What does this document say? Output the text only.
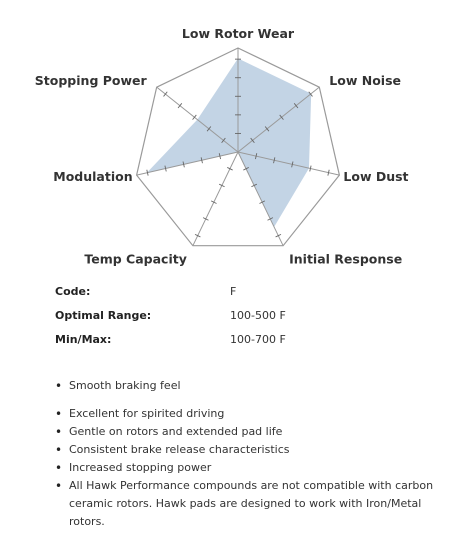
Low Rotor Wear
Low Noise
Low Dust
Initial Response
Temp Capacity
Modulation
Stopping Power
Code:	F
Optimal Range:	100-500 F
Min/Max:	100-700 F
• Smooth braking feel
• Excellent for spirited driving
• Gentle on rotors and extended pad life
• Consistent brake release characteristics
• Increased stopping power
• All Hawk Performance compounds are not compatible with carbon ceramic rotors. Hawk pads are designed to work with Iron/Metal rotors.
